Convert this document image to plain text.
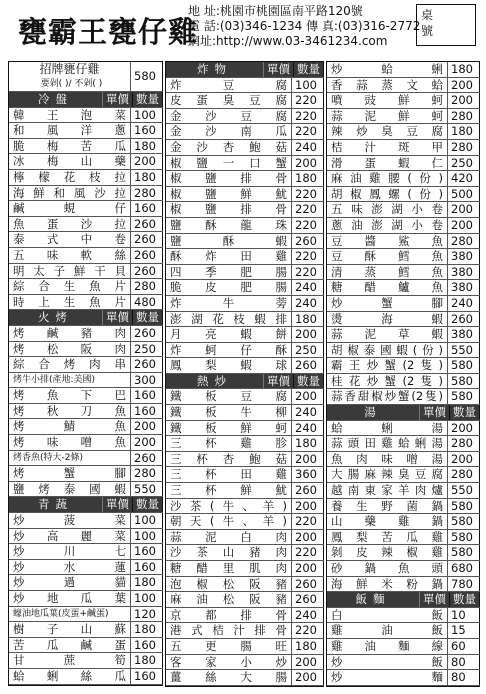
甕霸王甕仔雞
地 址:桃園市桃園區南平路120號
電 話:(03)346-1234 傳 真:(03)316-2772
網址:http://www.03-3461234.com
桌
號
招牌甕仔雞
要剁( )/ 不剁( )
580
冷盤	單價 數量
韓王泡菜 100
和風洋蔥 160
脆梅苦瓜 180
冰梅山藥 200
檸檬花枝拉 180
海鮮和風沙拉 280
鹹蜆仔 160
魚蛋沙拉 260
泰式中卷 260
五味軟絲 260
明太子鮮干貝 260
綜合生魚片 280
時上生魚片 480
火烤	單價 數量
烤鹹豬肉 260
烤松阪肉 250
綜合烤肉串 260
烤牛小排(產地:美國)	300
烤魚下巴 160
烤秋刀魚 160
烤鯖魚 200
烤味噌魚 200
烤香魚(特大-2條)	260
烤蟹腳 280
鹽烤泰國蝦 550
青蔬	單價 數量
炒菠菜 100
炒高麗菜 100
炒川七 160
炒水蓮 160
炒過貓 180
炒地瓜葉 100
蠔油地瓜葉(皮蛋+鹹蛋)	120
樹子山蘇 180
苦瓜鹹蛋 160
甘蔗筍 180
蛤蜊絲瓜 160
炸物	單價 數量
炸豆腐 100
皮蛋臭豆腐 220
金沙豆腐 220
金沙南瓜 220
金沙杏鮑菇 240
椒鹽一口蟹 200
椒鹽排骨 180
椒鹽鮮魷 220
椒鹽排骨 220
鹽酥龍珠 220
鹽酥蝦 260
酥炸田雞 220
四季肥腸 220
脆皮肥腸 240
炸牛蒡 240
澎湖花枝蝦排 180
月亮蝦餅 200
炸蚵仔酥 250
鳳梨蝦球 260
熱炒	單價 數量
鐵板豆腐 200
鐵板牛柳 240
鐵板鮮蚵 240
三杯雞胗 180
三杯杏鮑菇 200
三杯田雞 360
三杯鮮魷 260
沙茶(牛、羊) 200
朝天(牛、羊) 220
蒜泥白肉 200
沙茶山豬肉 220
糖醋里肌肉 200
泡椒松阪豬 260
麻油松阪豬 260
京都排骨 240
港式桔汁排骨 220
五更腸旺 180
客家小炒 200
薑絲大腸 200
炒蛤蜊 180
香蒜蒸文蛤 200
噴豉鮮蚵 200
蒜泥鮮蚵 280
辣炒臭豆腐 180
桔汁斑甲 280
滑蛋蝦仁 250
麻油雞腰(份) 420
胡椒鳳螺(份) 500
五味澎湖小卷 200
蔥油澎湖小卷 200
豆醬鯊魚 280
豆酥鱈魚 380
清蒸鱈魚 380
糖醋鱸魚 380
炒蟹腳 240
燙海蝦 260
蒜泥草蝦 380
胡椒泰國蝦(份) 550
霸王炒蟹(2隻) 580
桂花炒蟹(2隻) 580
蒜香甜椒炒蟹(2隻) 580
湯	單價 數量
蛤蜊湯 200
蒜頭田雞蛤蜊湯 280
魚肉味噌湯 200
大腸麻辣臭豆腐 280
越南東家羊肉爐 550
養生野菌鍋 580
山藥雞鍋 580
鳳梨苦瓜雞 580
剝皮辣椒雞 580
砂鍋魚頭 680
海鮮米粉鍋 780
飯麵	單價 數量
白飯 10
雞油飯 15
雞油麵線 60
炒飯 80
炒麵 80
